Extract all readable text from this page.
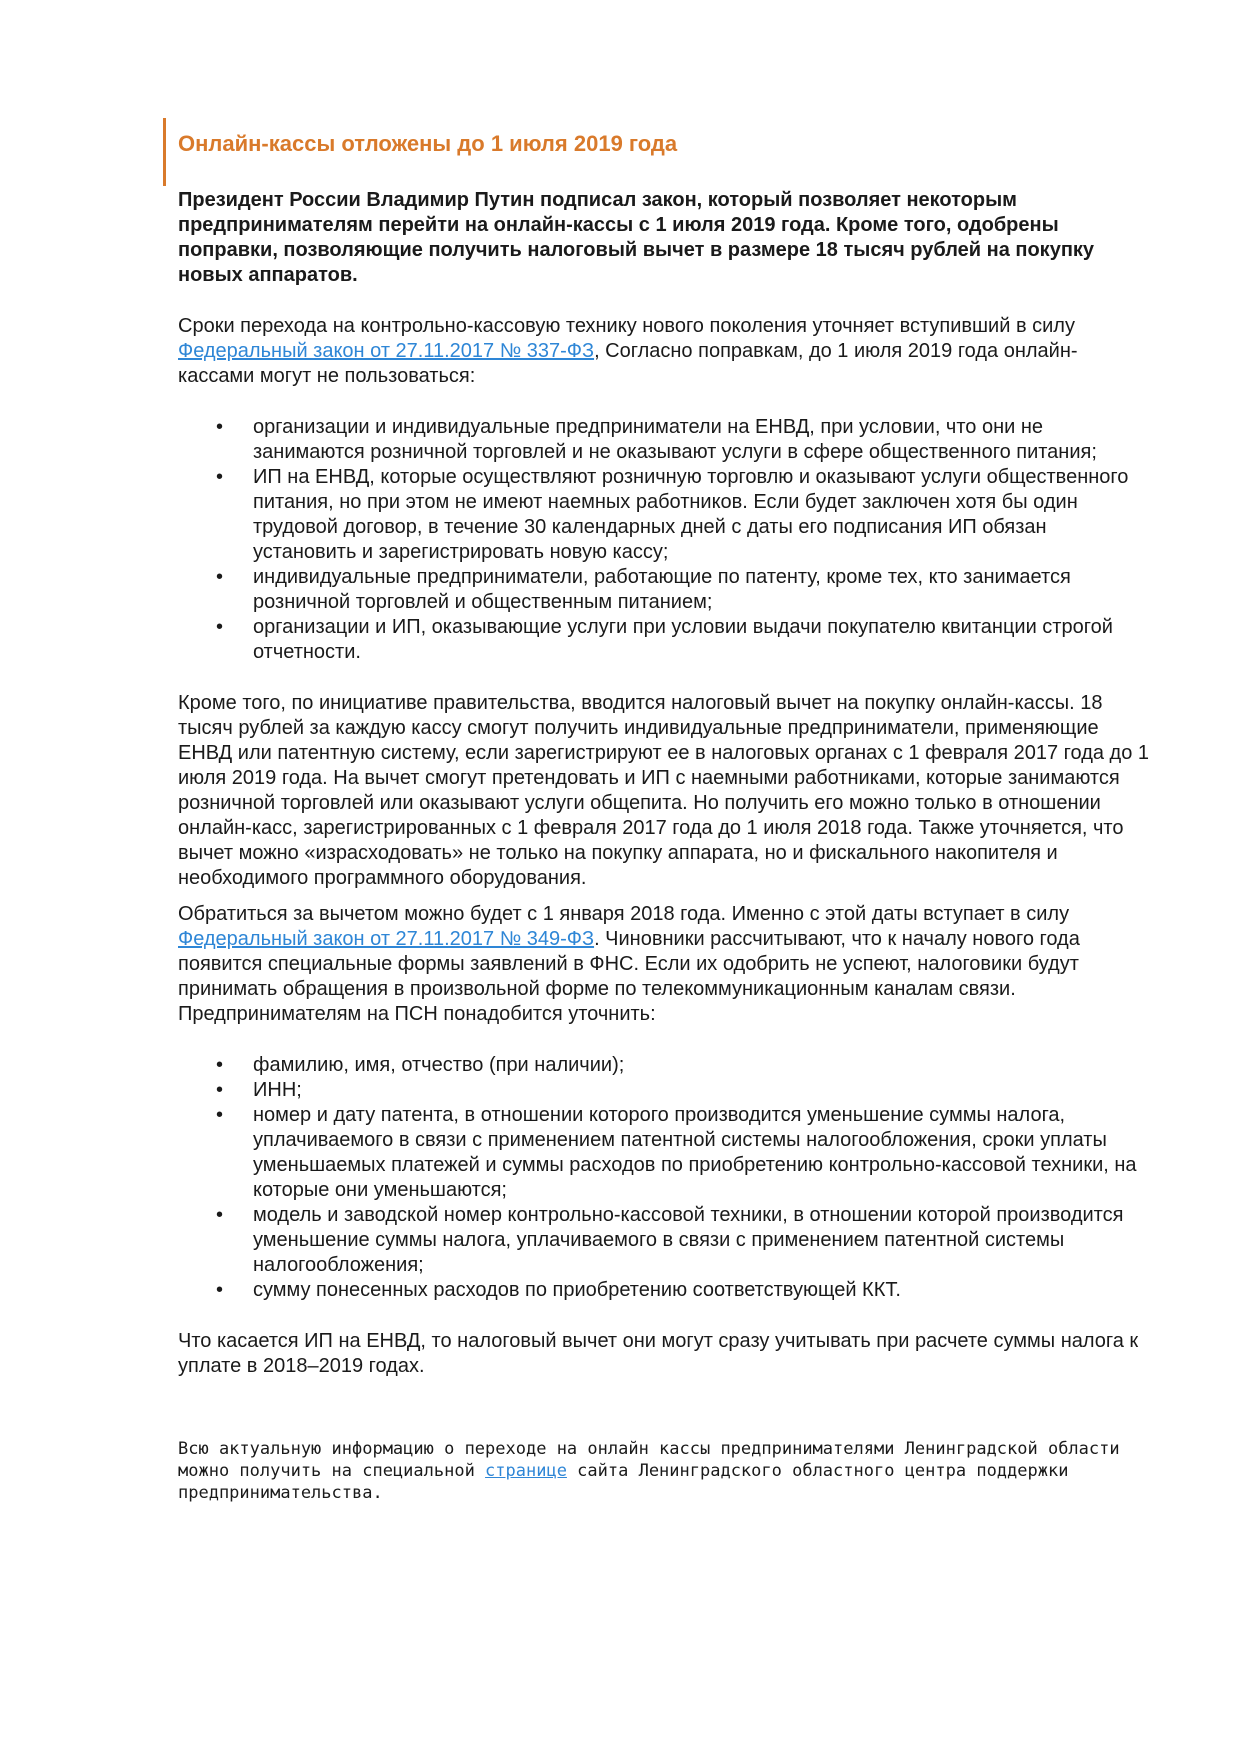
Онлайн-кассы отложены до 1 июля 2019 года

Президент России Владимир Путин подписал закон, который позволяет некоторым предпринимателям перейти на онлайн-кассы с 1 июля 2019 года. Кроме того, одобрены поправки, позволяющие получить налоговый вычет в размере 18 тысяч рублей на покупку новых аппаратов.

Сроки перехода на контрольно-кассовую технику нового поколения уточняет вступивший в силу Федеральный закон от 27.11.2017 № 337-ФЗ, Согласно поправкам, до 1 июля 2019 года онлайн-кассами могут не пользоваться:

• организации и индивидуальные предприниматели на ЕНВД, при условии, что они не занимаются розничной торговлей и не оказывают услуги в сфере общественного питания;
• ИП на ЕНВД, которые осуществляют розничную торговлю и оказывают услуги общественного питания, но при этом не имеют наемных работников. Если будет заключен хотя бы один трудовой договор, в течение 30 календарных дней с даты его подписания ИП обязан установить и зарегистрировать новую кассу;
• индивидуальные предприниматели, работающие по патенту, кроме тех, кто занимается розничной торговлей и общественным питанием;
• организации и ИП, оказывающие услуги при условии выдачи покупателю квитанции строгой отчетности.

Кроме того, по инициативе правительства, вводится налоговый вычет на покупку онлайн-кассы. 18 тысяч рублей за каждую кассу смогут получить индивидуальные предприниматели, применяющие ЕНВД или патентную систему, если зарегистрируют ее в налоговых органах с 1 февраля 2017 года до 1 июля 2019 года. На вычет смогут претендовать и ИП с наемными работниками, которые занимаются розничной торговлей или оказывают услуги общепита. Но получить его можно только в отношении онлайн-касс, зарегистрированных с 1 февраля 2017 года до 1 июля 2018 года. Также уточняется, что вычет можно «израсходовать» не только на покупку аппарата, но и фискального накопителя и необходимого программного оборудования.

Обратиться за вычетом можно будет с 1 января 2018 года. Именно с этой даты вступает в силу Федеральный закон от 27.11.2017 № 349-ФЗ. Чиновники рассчитывают, что к началу нового года появится специальные формы заявлений в ФНС. Если их одобрить не успеют, налоговики будут принимать обращения в произвольной форме по телекоммуникационным каналам связи. Предпринимателям на ПСН понадобится уточнить:

• фамилию, имя, отчество (при наличии);
• ИНН;
• номер и дату патента, в отношении которого производится уменьшение суммы налога, уплачиваемого в связи с применением патентной системы налогообложения, сроки уплаты уменьшаемых платежей и суммы расходов по приобретению контрольно-кассовой техники, на которые они уменьшаются;
• модель и заводской номер контрольно-кассовой техники, в отношении которой производится уменьшение суммы налога, уплачиваемого в связи с применением патентной системы налогообложения;
• сумму понесенных расходов по приобретению соответствующей ККТ.

Что касается ИП на ЕНВД, то налоговый вычет они могут сразу учитывать при расчете суммы налога к уплате в 2018–2019 годах.

Всю актуальную информацию о переходе на онлайн кассы предпринимателями Ленинградской области можно получить на специальной странице сайта Ленинградского областного центра поддержки предпринимательства.
